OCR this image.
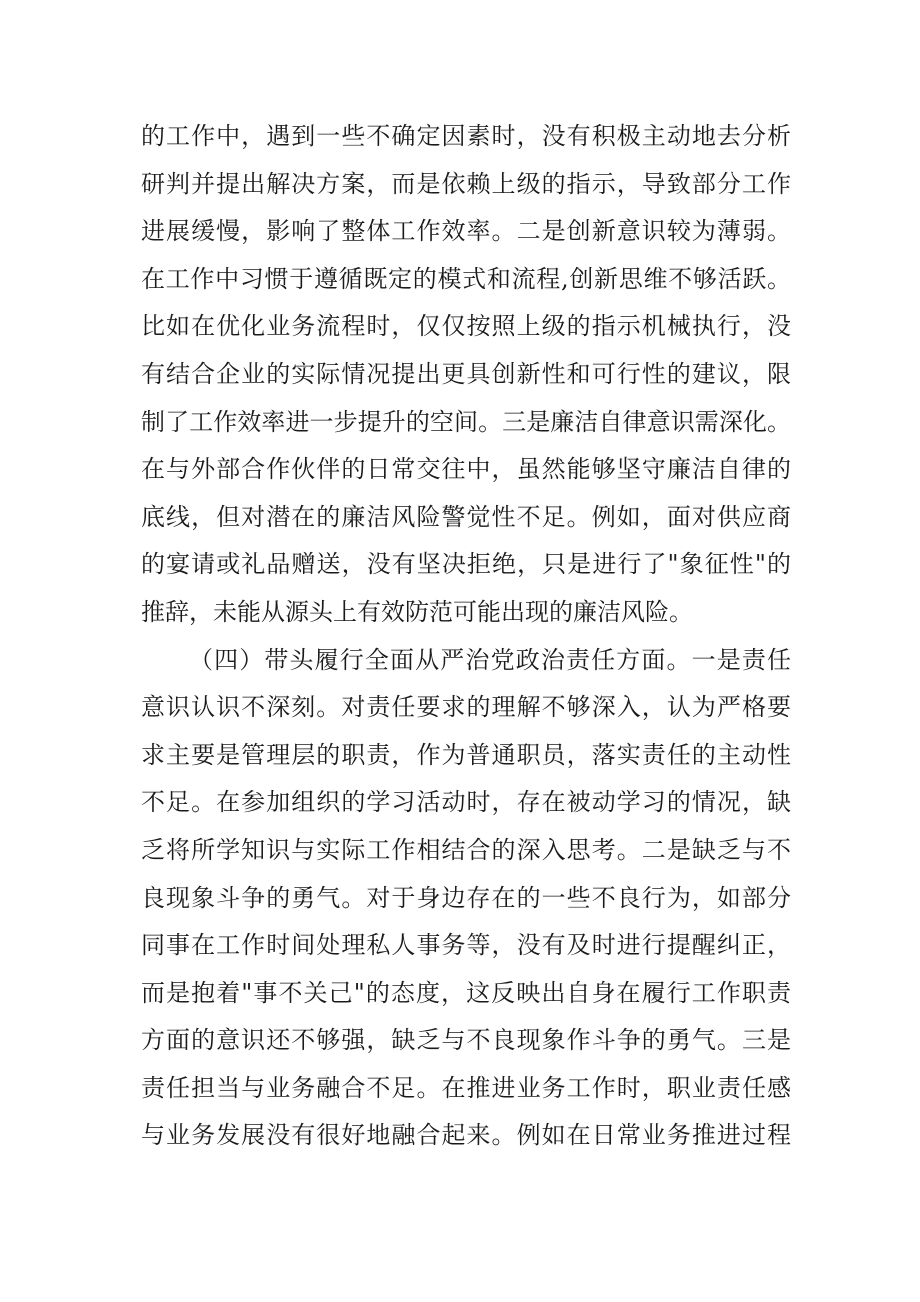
的工作中，遇到一些不确定因素时，没有积极主动地去分析
研判并提出解决方案，而是依赖上级的指示，导致部分工作
进展缓慢，影响了整体工作效率。二是创新意识较为薄弱。
在工作中习惯于遵循既定的模式和流程,创新思维不够活跃。
比如在优化业务流程时，仅仅按照上级的指示机械执行，没
有结合企业的实际情况提出更具创新性和可行性的建议，限
制了工作效率进一步提升的空间。三是廉洁自律意识需深化。
在与外部合作伙伴的日常交往中，虽然能够坚守廉洁自律的
底线，但对潜在的廉洁风险警觉性不足。例如，面对供应商
的宴请或礼品赠送，没有坚决拒绝，只是进行了"象征性"的
推辞，未能从源头上有效防范可能出现的廉洁风险。
（四）带头履行全面从严治党政治责任方面。一是责任
意识认识不深刻。对责任要求的理解不够深入，认为严格要
求主要是管理层的职责，作为普通职员，落实责任的主动性
不足。在参加组织的学习活动时，存在被动学习的情况，缺
乏将所学知识与实际工作相结合的深入思考。二是缺乏与不
良现象斗争的勇气。对于身边存在的一些不良行为，如部分
同事在工作时间处理私人事务等，没有及时进行提醒纠正，
而是抱着"事不关己"的态度，这反映出自身在履行工作职责
方面的意识还不够强，缺乏与不良现象作斗争的勇气。三是
责任担当与业务融合不足。在推进业务工作时，职业责任感
与业务发展没有很好地融合起来。例如在日常业务推进过程
